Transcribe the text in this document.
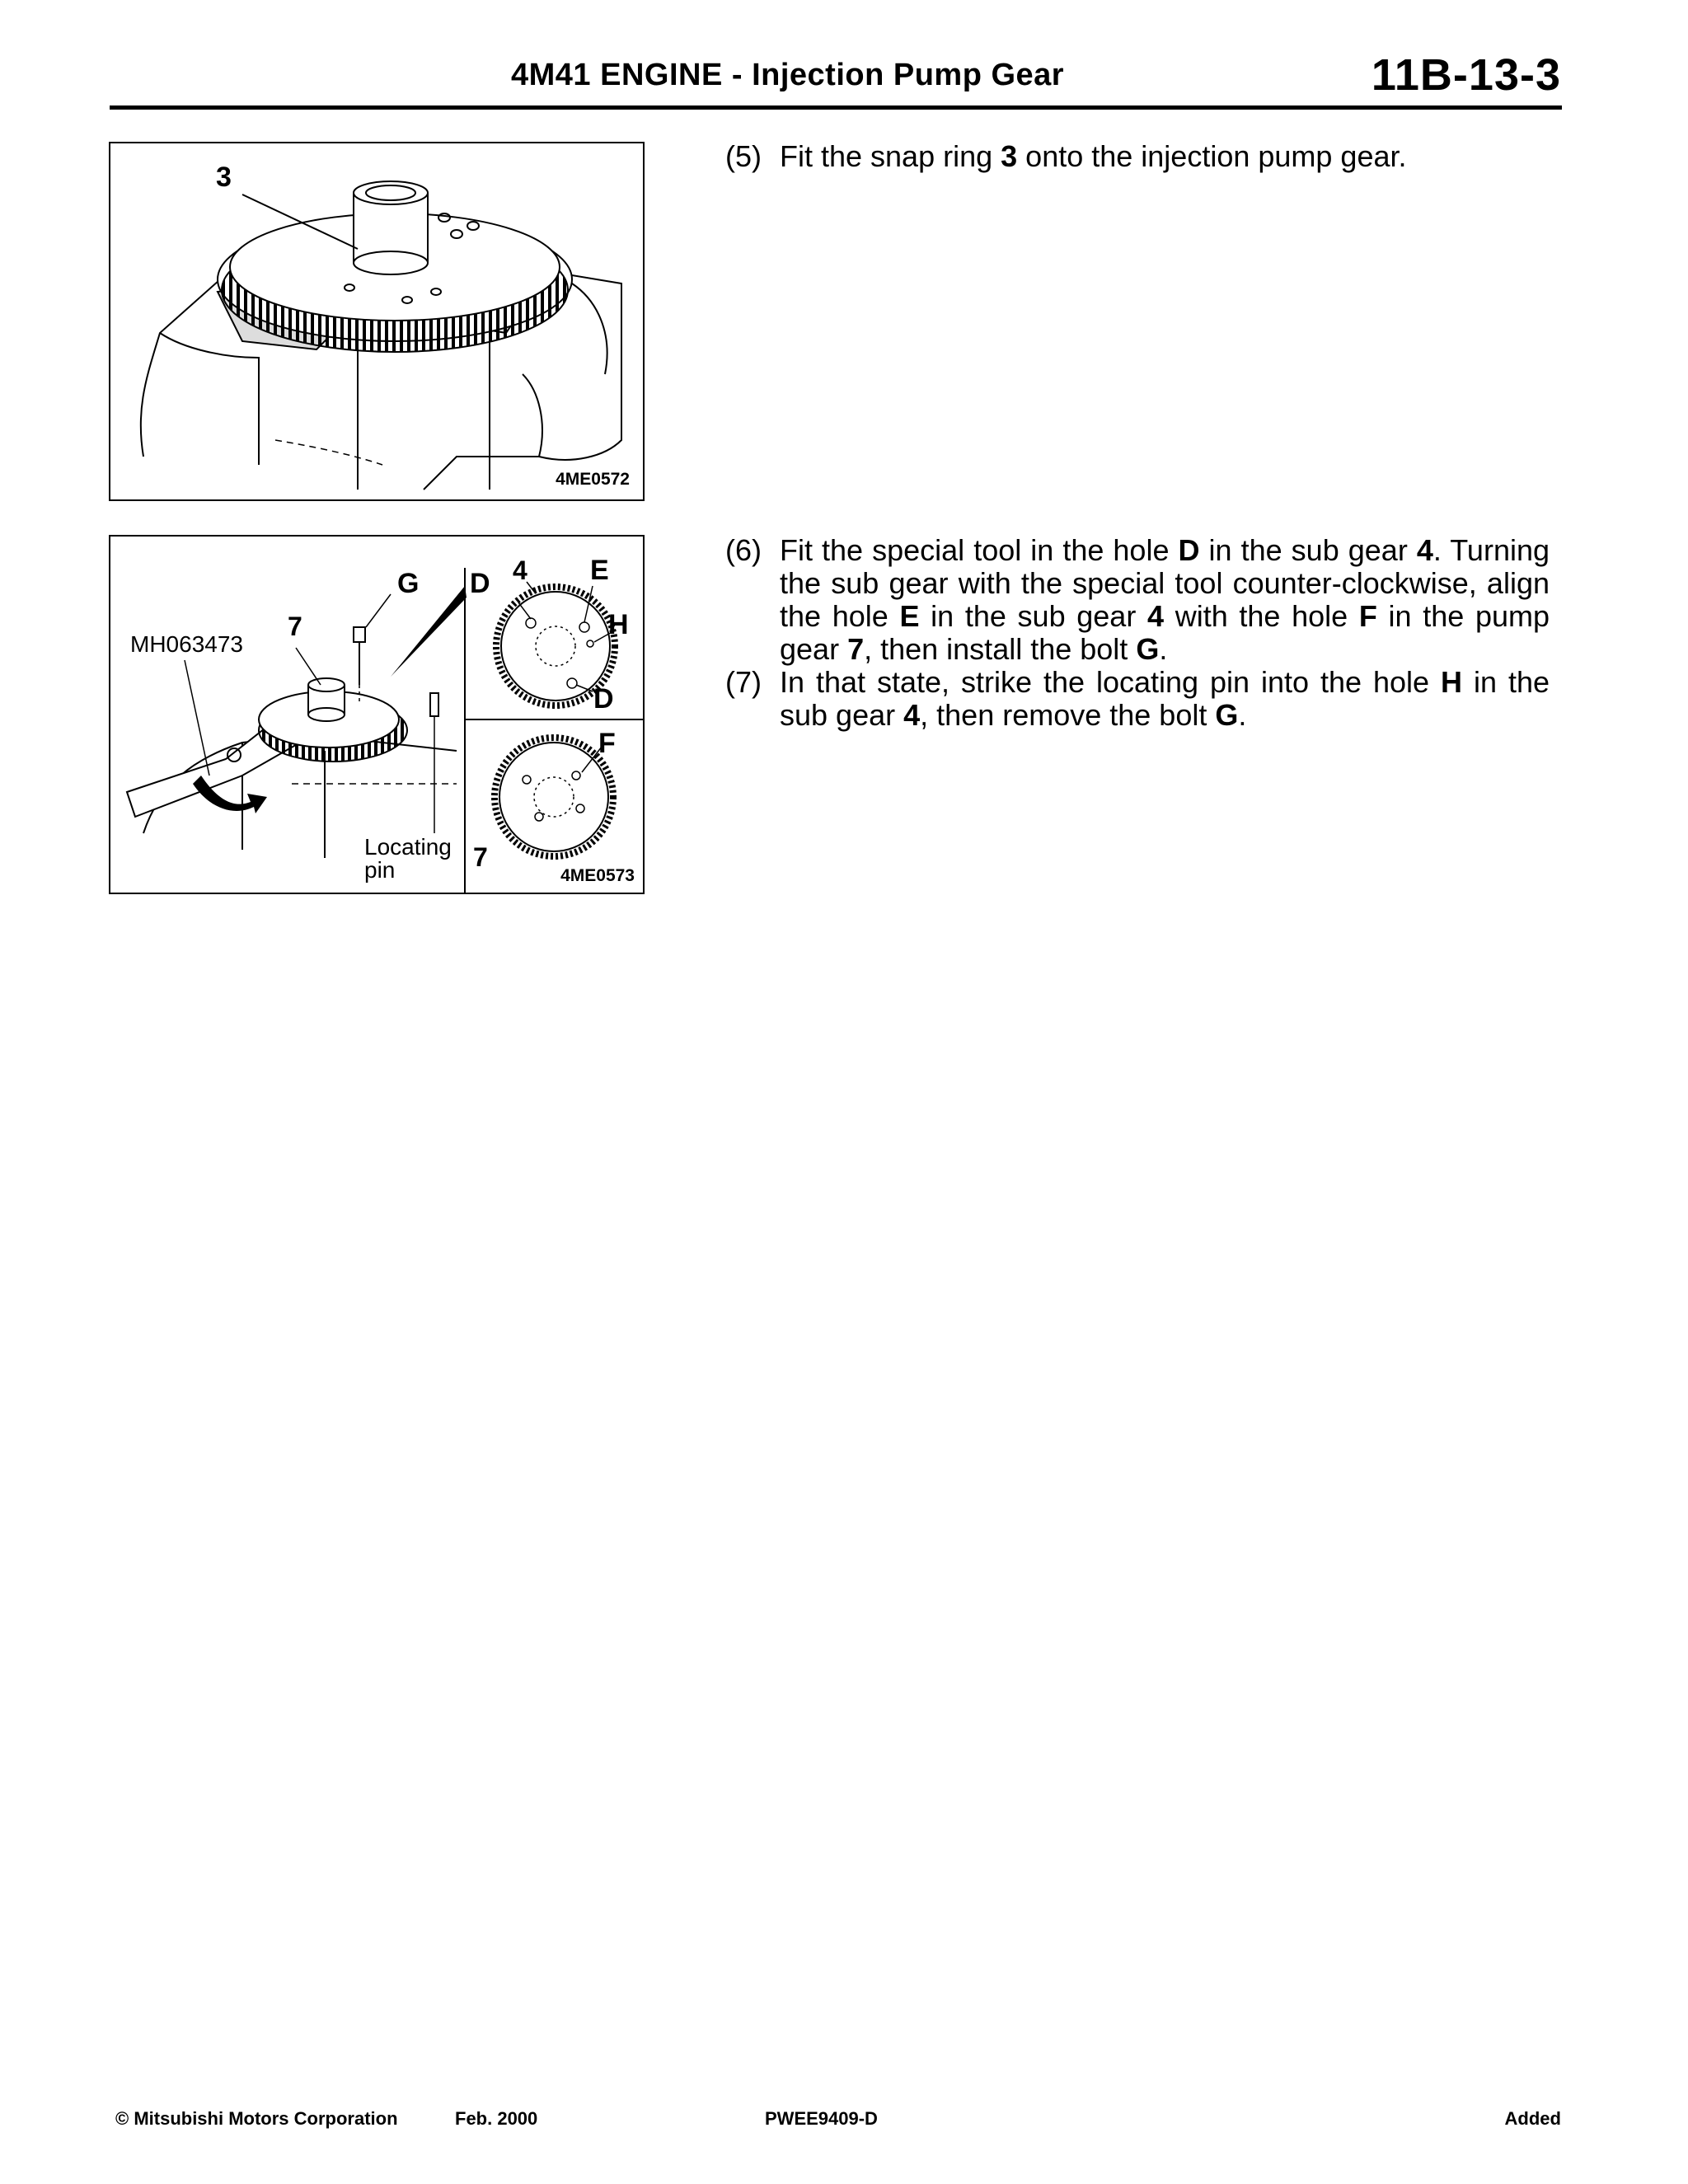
4M41 ENGINE - Injection Pump Gear	11B-13-3
3
4ME0572
MH063473
7
G D 4 E
H
D
F
7
Locating
pin	4ME0573
(5) Fit the snap ring 3 onto the injection pump gear.
(6) Fit the special tool in the hole D in the sub gear 4. Turning the sub gear with the special tool counter-clockwise, align the hole E in the sub gear 4 with the hole F in the pump gear 7, then install the bolt G.
(7) In that state, strike the locating pin into the hole H in the sub gear 4, then remove the bolt G.
© Mitsubishi Motors Corporation	Feb. 2000	PWEE9409-D	Added
